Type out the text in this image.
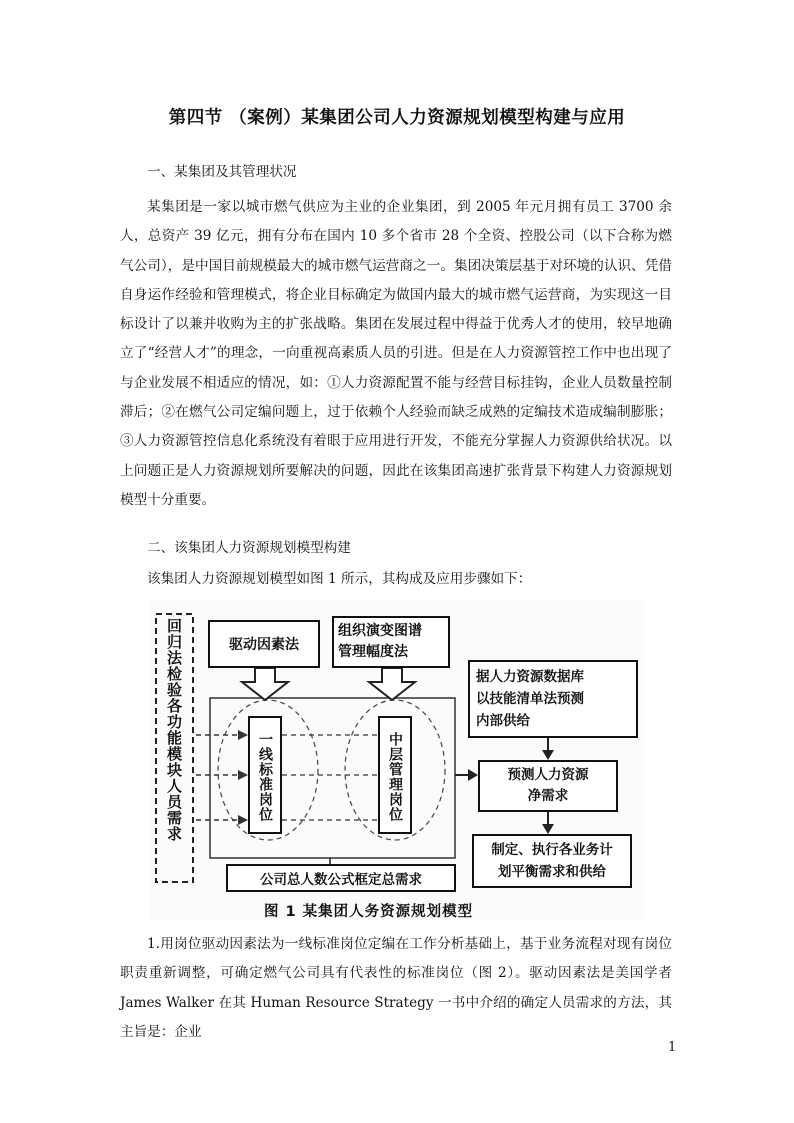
第四节 （案例）某集团公司人力资源规划模型构建与应用

一、某集团及其管理状况

某集团是一家以城市燃气供应为主业的企业集团，到 2005 年元月拥有员工 3700 余人，总资产 39 亿元，拥有分布在国内 10 多个省市 28 个全资、控股公司（以下合称为燃气公司），是中国目前规模最大的城市燃气运营商之一。集团决策层基于对环境的认识、凭借自身运作经验和管理模式，将企业目标确定为做国内最大的城市燃气运营商，为实现这一目标设计了以兼并收购为主的扩张战略。集团在发展过程中得益于优秀人才的使用，较早地确立了“经营人才”的理念，一向重视高素质人员的引进。但是在人力资源管控工作中也出现了与企业发展不相适应的情况，如：①人力资源配置不能与经营目标挂钩，企业人员数量控制滞后；②在燃气公司定编问题上，过于依赖个人经验而缺乏成熟的定编技术造成编制膨胀；③人力资源管控信息化系统没有着眼于应用进行开发，不能充分掌握人力资源供给状况。以上问题正是人力资源规划所要解决的问题，因此在该集团高速扩张背景下构建人力资源规划模型十分重要。

二、该集团人力资源规划模型构建

该集团人力资源规划模型如图 1 所示，其构成及应用步骤如下：

回归法检验各功能模块人员需求	驱动因素法
组织演变图谱
管理幅度法
一线标准岗位	中层管理岗位
据人力资源数据库
以技能清单法预测
内部供给
预测人力资源
净需求
制定、执行各业务计
划平衡需求和供给
公司总人数公式框定总需求
图 1 某集团人务资源规划模型

1.用岗位驱动因素法为一线标准岗位定编在工作分析基础上，基于业务流程对现有岗位职责重新调整，可确定燃气公司具有代表性的标准岗位（图 2）。驱动因素法是美国学者 James Walker 在其 Human Resource Strategy 一书中介绍的确定人员需求的方法，其主旨是：企业

1
